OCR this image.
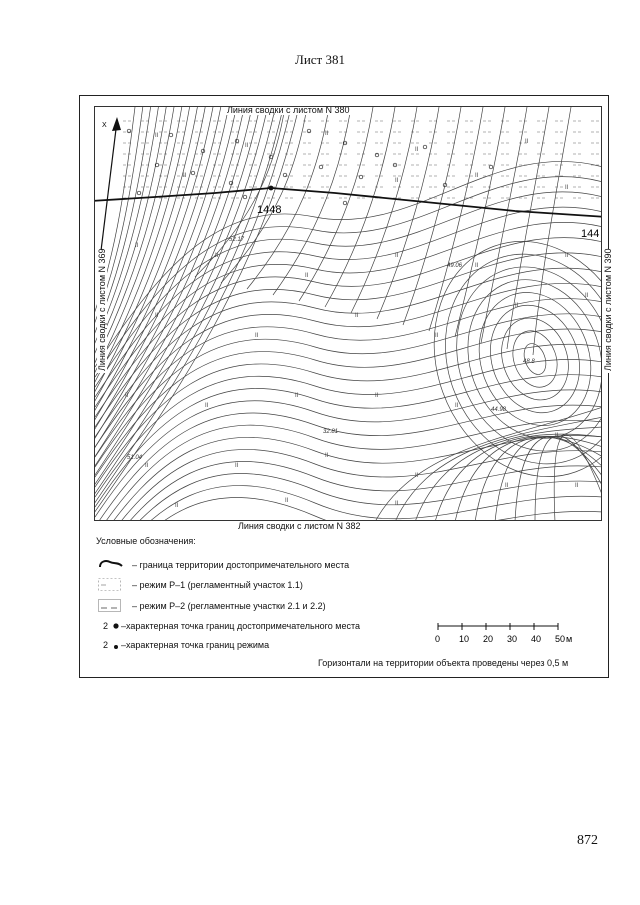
Лист 381
II
II
II
II
II
II
II
II
II
II
II
II
II
II
II
II
II
II
II
II
II
II
II
II	II
II
II
II	II
II
II
II	II
II
II	II
X
1448
144
52.17
49.06
48.8
44.98
32.81
51.04
Линия сводки с листом N 380
Линия сводки с листом N 382
Линия сводки с листом N 369	Линия сводки с листом N 390
Условные обозначения:
– граница территории достопримечательного места
– режим Р–1 (регламентный участок 1.1)
– режим Р–2 (регламентные участки 2.1 и 2.2)
2 –характерная точка границ достопримечательного места
2 –характерная точка границ режима
0 10 20 30 40 50 м
Горизонтали на территории объекта проведены через 0,5 м
872
